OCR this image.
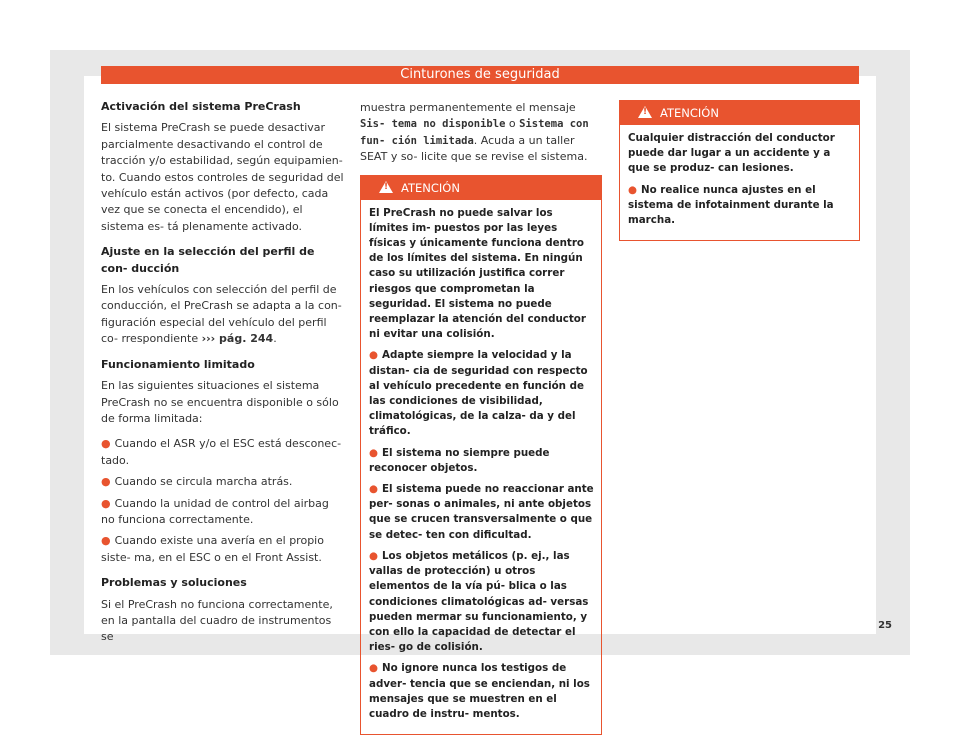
Cinturones de seguridad
Activación del sistema PreCrash

El sistema PreCrash se puede desactivar parcialmente desactivando el control de tracción y/o estabilidad, según equipamien- to. Cuando estos controles de seguridad del vehículo están activos (por defecto, cada vez que se conecta el encendido), el sistema es- tá plenamente activado.

Ajuste en la selección del perfil de con- ducción

En los vehículos con selección del perfil de conducción, el PreCrash se adapta a la con- figuración especial del vehículo del perfil co- rrespondiente ››› pág. 244.

Funcionamiento limitado

En las siguientes situaciones el sistema PreCrash no se encuentra disponible o sólo de forma limitada:

● Cuando el ASR y/o el ESC está desconec- tado.

● Cuando se circula marcha atrás.

● Cuando la unidad de control del airbag no funciona correctamente.

● Cuando existe una avería en el propio siste- ma, en el ESC o en el Front Assist.

Problemas y soluciones

Si el PreCrash no funciona correctamente, en la pantalla del cuadro de instrumentos se

muestra permanentemente el mensaje Sis- tema no disponible o Sistema con fun- ción limitada. Acuda a un taller SEAT y so- licite que se revise el sistema.

!ATENCIÓN

El PreCrash no puede salvar los límites im- puestos por las leyes físicas y únicamente funciona dentro de los límites del sistema. En ningún caso su utilización justifica correr riesgos que comprometan la seguridad. El sistema no puede reemplazar la atención del conductor ni evitar una colisión.

● Adapte siempre la velocidad y la distan- cia de seguridad con respecto al vehículo precedente en función de las condiciones de visibilidad, climatológicas, de la calza- da y del tráfico.

● El sistema no siempre puede reconocer objetos.

● El sistema puede no reaccionar ante per- sonas o animales, ni ante objetos que se crucen transversalmente o que se detec- ten con dificultad.

● Los objetos metálicos (p. ej., las vallas de protección) u otros elementos de la vía pú- blica o las condiciones climatológicas ad- versas pueden mermar su funcionamiento, y con ello la capacidad de detectar el ries- go de colisión.

● No ignore nunca los testigos de adver- tencia que se enciendan, ni los mensajes que se muestren en el cuadro de instru- mentos.

!ATENCIÓN

Cualquier distracción del conductor puede dar lugar a un accidente y a que se produz- can lesiones.

● No realice nunca ajustes en el sistema de infotainment durante la marcha.

25
